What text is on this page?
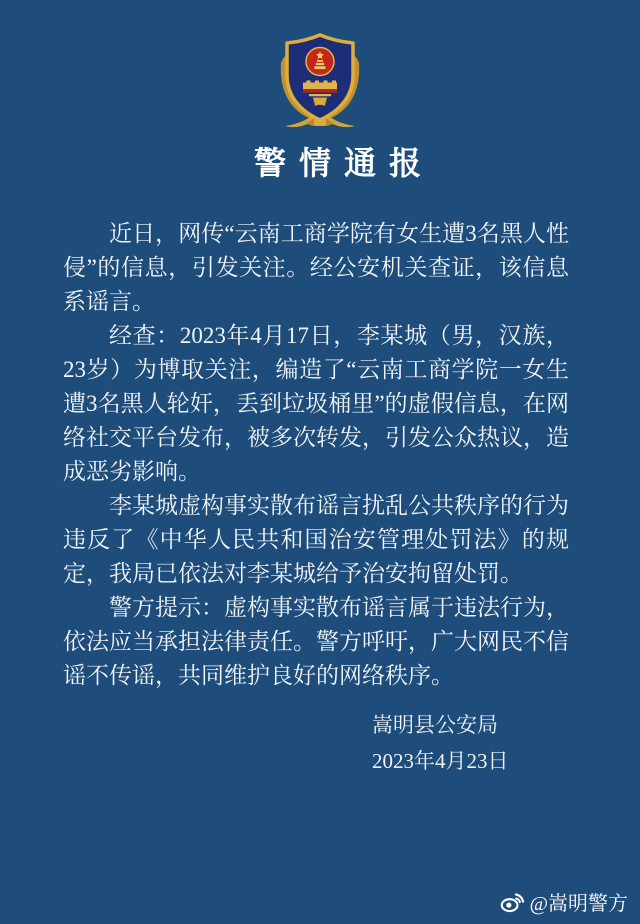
警情通报

近日，网传“云南工商学院有女生遭3名黑人性侵”的信息，引发关注。经公安机关查证，该信息系谣言。

经查：2023年4月17日，李某城（男，汉族，23岁）为博取关注，编造了“云南工商学院一女生遭3名黑人轮奸，丢到垃圾桶里”的虚假信息，在网络社交平台发布，被多次转发，引发公众热议，造成恶劣影响。

李某城虚构事实散布谣言扰乱公共秩序的行为违反了《中华人民共和国治安管理处罚法》的规定，我局已依法对李某城给予治安拘留处罚。

警方提示：虚构事实散布谣言属于违法行为，依法应当承担法律责任。警方呼吁，广大网民不信谣不传谣，共同维护良好的网络秩序。

嵩明县公安局
2023年4月23日
@嵩明警方
